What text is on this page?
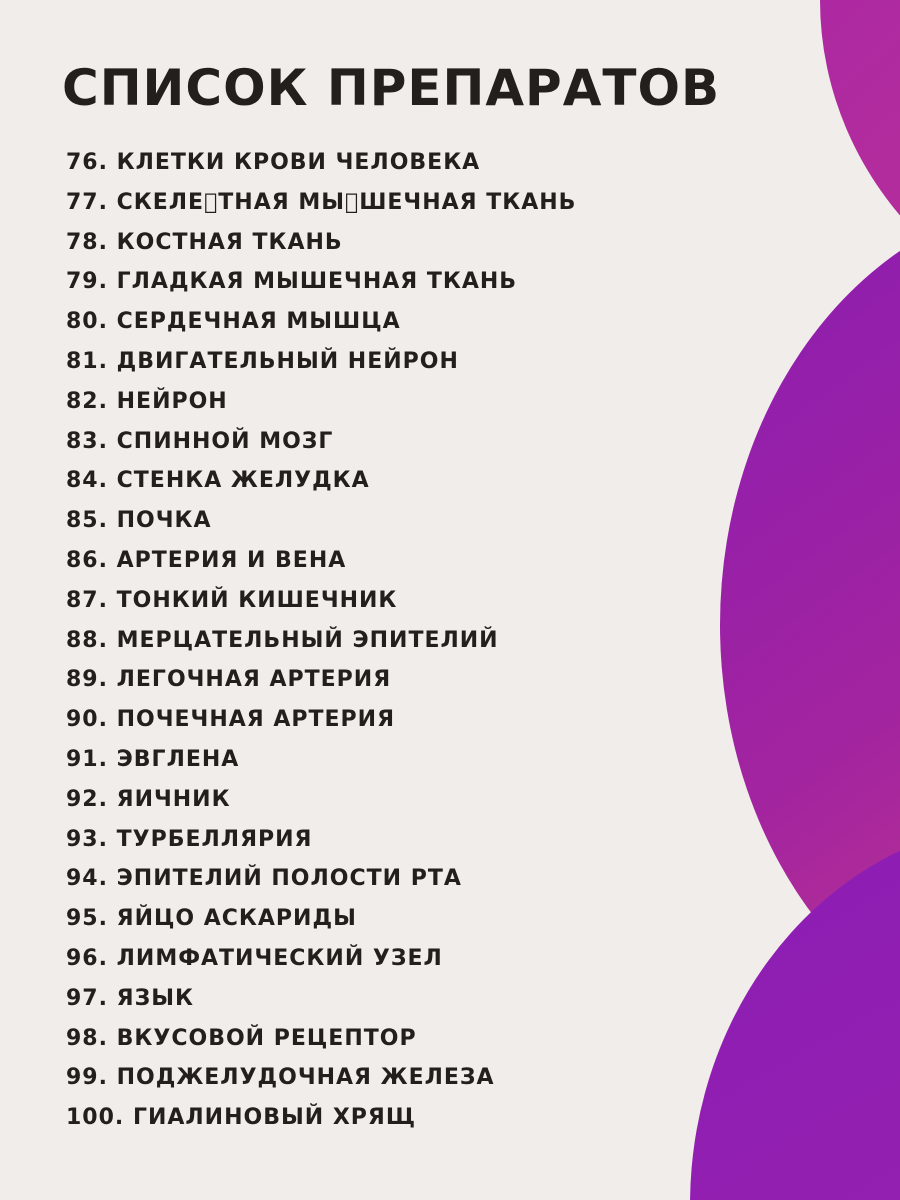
СПИСОК ПРЕПАРАТОВ
76. КЛЕТКИ КРОВИ ЧЕЛОВЕКА
77. СКЕЛЕ ТНАЯ МЫ ШЕЧНАЯ ТКАНЬ
78. КОСТНАЯ ТКАНЬ
79. ГЛАДКАЯ МЫШЕЧНАЯ ТКАНЬ
80. СЕРДЕЧНАЯ МЫШЦА
81. ДВИГАТЕЛЬНЫЙ НЕЙРОН
82. НЕЙРОН
83. СПИННОЙ МОЗГ
84. СТЕНКА ЖЕЛУДКА
85. ПОЧКА
86. АРТЕРИЯ И ВЕНА
87. ТОНКИЙ КИШЕЧНИК
88. МЕРЦАТЕЛЬНЫЙ ЭПИТЕЛИЙ
89. ЛЕГОЧНАЯ АРТЕРИЯ
90. ПОЧЕЧНАЯ АРТЕРИЯ
91. ЭВГЛЕНА
92. ЯИЧНИК
93. ТУРБЕЛЛЯРИЯ
94. ЭПИТЕЛИЙ ПОЛОСТИ РТА
95. ЯЙЦО АСКАРИДЫ
96. ЛИМФАТИЧЕСКИЙ УЗЕЛ
97. ЯЗЫК
98. ВКУСОВОЙ РЕЦЕПТОР
99. ПОДЖЕЛУДОЧНАЯ ЖЕЛЕЗА
100. ГИАЛИНОВЫЙ ХРЯЩ
